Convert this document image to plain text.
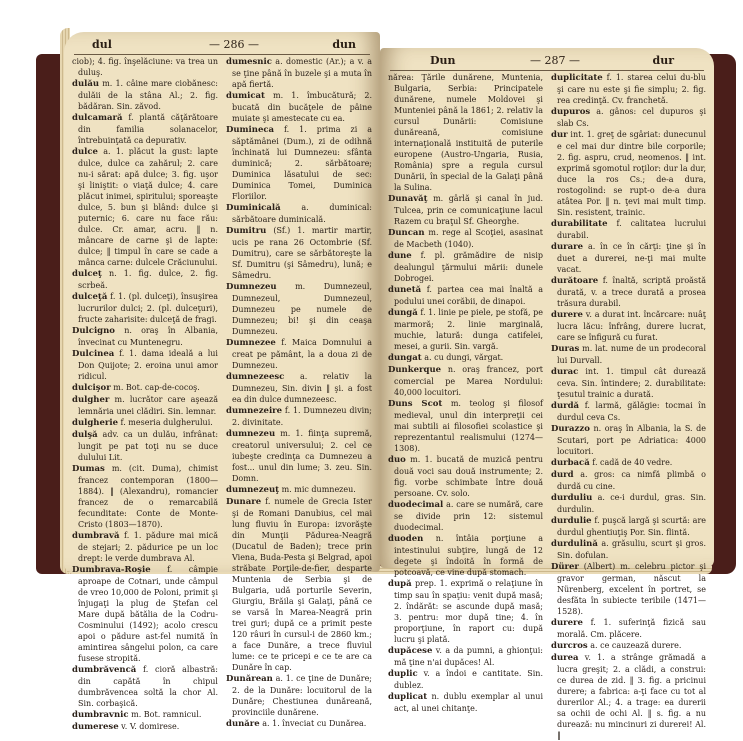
dul	— 286 —	dun

ciob); 4. fig. înşelăciune: va trea un duluş.

dulău m. 1. câine mare ciobănesc: dulăii de la stâna Al.; 2. fig. bădăran. Sin. zăvod.

dulcamară f. plantă căţărătoare din familia solanacelor, întrebuinţată ca depurativ.

dulce a. 1. plăcut la gust: lapte dulce, dulce ca zahărul; 2. care nu-i sărat: apă dulce; 3. fig. uşor şi liniştit: o viaţă dulce; 4. care plăcut inimei, spiritului; sporeaşte dulce, 5. bun şi blând: dulce şi puternic; 6. care nu face rău: dulce. Cr. amar, acru. ‖ n. mâncare de carne şi de lapte: dulce; ‖ timpul în care se cade a mânca carne: dulcele Crăciunului.

dulceţ n. 1. fig. dulce, 2. fig. scrbeă.

dulceţă f. 1. (pl. dulceţi), însuşirea lucrurilor dulci; 2. (pl. dulceţuri), fructe zaharisite: dulceţă de fragi.

Dulcigno n. oraş în Albania, învecinat cu Muntenegru.

Dulcinea f. 1. dama ideală a lui Don Quijote; 2. eroina unui amor ridicul.

dulcişor m. Bot. cap-de-cocoş.

dulgher m. lucrător care aşează lemnăria unei clădiri. Sin. lemnar.

dulgherie f. meseria dulgherului.

dulşă adv. ca un dulău, infrânat: lungit pe pat toţi nu se duce dulului Lit.

Dumas m. (cit. Duma), chimist francez contemporan (1800—1884). ‖ (Alexandru), romancier francez de o remarcabilă fecunditate: Conte de Monte-Cristo (1803—1870).

dumbravă f. 1. pădure mai mică de stejari; 2. pădurice pe un loc drept: le verde dumbrava Al.

Dumbrava-Roşie f. câmpie aproape de Cotnari, unde câmpul de vreo 10,000 de Poloni, primit şi înjugaţi la plug de Ştefan cel Mare după bătălia de la Codru-Cosminului (1492); acolo crescu apoi o pădure ast-fel numită în amintirea sângelui polon, ca care fusese stropită.

dumbrăvencă f. cioră albastră: din capătă în chipul dumbrăvencea soltă la chor Al. Sin. corbaşică.

dumbravnic m. Bot. ramnicul.

dumerese v. V. domirese.

dumesnic a. domestic (Ar.); a v. a se ţine până în buzele şi a muta în apă fiertă.

dumicat m. 1. îmbucătură; 2. bucată din bucăţele de pâine muiate şi amestecate cu ea.

Dumineca f. 1. prima zi a săptămânei (Dum.), zi de odihnă închinată lui Dumnezeu: sfânta duminică; 2. sărbătoare; Duminica lăsatului de sec: Duminica Tomei, Duminica Floriilor.

Duminicală	a. duminical: sărbătoare duminicală.

Dumitru (Sf.) 1. martir martir, ucis pe rana 26 Octombrie (Sf. Dumitru), care se sărbătoreşte la Sf. Dumitru (şi Sâmedru), lună; e Sâmedru.

Dumnezeu m. Dumnezeul, Dumnezeul, Dumnezeul, Dumnezeu pe numele de Dumnezeu; bi! şi din ceaşa Dumnezeu.

Dumnezee f. Maica Domnului a creat pe pământ, la a doua zi de Dumnezeu.

dumnezeesc a. relativ la Dumnezeu, Sin. divin ‖ şi. a fost ea din dulce dumnezeesc.

dumnezeire f. 1. Dumnezeu divin; 2. divinitate.

dumnezeu m. 1. fiinţa supremă, creatorul universului; 2. cel ce iubeşte credinţa ca Dumnezeu a fost... unul din lume; 3. zeu. Sin. Domn.

dumnezeuţ m. mic dumnezeu.

Dunare f. numele de Grecia Ister şi de Romani Danubius, cel mai lung fluviu în Europa: izvorăşte din Munţii Pădurea-Neagră (Ducatul de Baden); trece prin Viena, Buda-Pesta şi Belgrad, apoi străbate Porţile-de-fier, desparte Muntenia de Serbia şi de Bulgaria, udă porturile Severin, Giurgiu, Brăila şi Galaţi, până ce se varsă în Marea-Neagră prin trei guri; după ce a primit peste 120 râuri în cursul-i de 2860 km.; a face Dunăre, a trece fluviul lume: ce te pricepi e ce te are ca Dunăre în cap.

Dunărean a. 1. ce ţine de Dunăre; 2. de la Dunăre: locuitorul de la Dunăre; Chestiunea dunăreană, provinciile dunărene.

dunăre a. 1. înveciat cu Dunărea.

Dun	— 287 —	dur

nărea: Ţările dunărene, Muntenia, Bulgaria, Serbia: Principatele dunărene, numele Moldovei şi Munteniei până la 1861; 2. relativ la cursul Dunării: Comisiune dunăreană, comisiune internaţională instituită de puterile europene (Austro-Ungaria, Rusia, România) spre a regula cursul Dunării, în special de la Galaţi până la Sulina.

Dunavăţ m. gârlă şi canal în jud. Tulcea, prin ce comunicaţiune lacul Razem cu braţul Sf. Gheorghe.

Duncan m. rege al Scoţiei, asasinat de Macbeth (1040).

dune f. pl. grămădire de nisip dealungul ţărmului mării: dunele Dobrogei.

dunetă f. partea cea mai înaltă a podului unei corăbii, de dinapoi.

dungă f. 1. linie pe piele, pe stofă, pe marmoră; 2. linie marginală, muchie, latură: dunga catifelei, mesei, a gurii. Sin. vargă.

dungat a. cu dungi, vărgat.

Dunkerque n. oraş francez, port comercial pe Marea Nordului: 40,000 locuitori.

Duns Scot m. teolog şi filosof medieval, unul din interpreţii cei mai subtili ai filosofiei scolastice şi reprezentantul realismului (1274—1308).

duo m. 1. bucată de muzică pentru două voci sau două instrumente; 2. fig. vorbe schimbate între două persoane. Cv. solo.

duodecimal a. care se numără, care se divide prin 12: sistemul duodecimal.

duoden n. întâia porţiune a intestinului subţire, lungă de 12 degete şi îndoită în formă de potcoavă, ce vine după stomach.

după prep. 1. exprimă o relaţiune în timp sau în spaţiu: venit după masă; 2. îndărăt: se ascunde după masă; 3. pentru: mor după tine; 4. în proporţiune, în raport cu: după lucru şi plată.

dupăcese v. a da pumni, a ghionţui: mă ţine n'ai dupăces! Al.

duplic v. a îndoi e cantitate. Sin. dublez.

duplicat n. dublu exemplar al unui act, al unei chitanţe.

duplicitate f. 1. starea celui du-blu şi care nu este şi fie simplu; 2. fig. rea credinţă. Cv. franchetă.

dupuros a. gânos: cel dupuros şi slab Cs.

dur int. 1. greţ de sgâriat: dunecunul e cel mai dur dintre bile corporile; 2. fig. aspru, crud, neomenos. ‖ int. exprimă sgomotul roţilor: dur la dur, duce la ros Cs.; de-a dura, rostogolind: se rupt-o de-a dura atâtea Por. ‖ n. ţevi mai mult timp. Sin. resistent, trainic.

durabilitate f. calitatea lucrului durabil.

durare a. în ce în cărţi: ţine şi în duet a durerei, ne-ţi mai multe vacat.

durătoare f. înaltă, scriptă proăstă durată, v. a trece durată a prosea trăsura durabil.

durere v. a durat int. încărcare: nuâţ lucra lăcu: înfrâng, durere lucrat, care se înfigură cu furat.

Duras m. lat. nume de un prodecoral lui Durvall.

durac int. 1. timpul cât durează ceva. Sin. întindere; 2. durabilitate: ţesutul trainic a durată.

durdă f. larmă, gălăgie: tocmai în durdul ceva Cs.

Durazzo n. oraş în Albania, la S. de Scutari, port pe Adriatica: 4000 locuitori.

durbacă f. cadă de 40 vedre.

durd a. gros: ca nimfă plimbă o durdă cu cine.

durduliu a. ce-i durdul, gras. Sin. durdulin.

durdulie f. puşcă largă şi scurtă: are durdul ghentiuţiş Por. Sin. flintă.

durdulină a. grăsuliu, scurt şi gros. Sin. dofulan.

Dürer (Albert) m. celebru pictor şi gravor german, născut la Nürenberg, excelent în portret, se desfăta în subiecte teribile (1471—1528).

durere f. 1. suferinţă fizică sau morală. Cm. plăcere.

durcros a. ce cauzează durere.

durea v. 1. a strânge grămadă a lucra greşit; 2. a clădi, a construi: ce durea de zid. ‖ 3. fig. a pricinui durere; a fabrica: a-ţi face cu tot al durerilor Al.; 4. a trage: ea durerii sa ochii de ochi Al. ‖ s. fig. a nu durează: nu mincinuri zi durerei! Al. ‖
